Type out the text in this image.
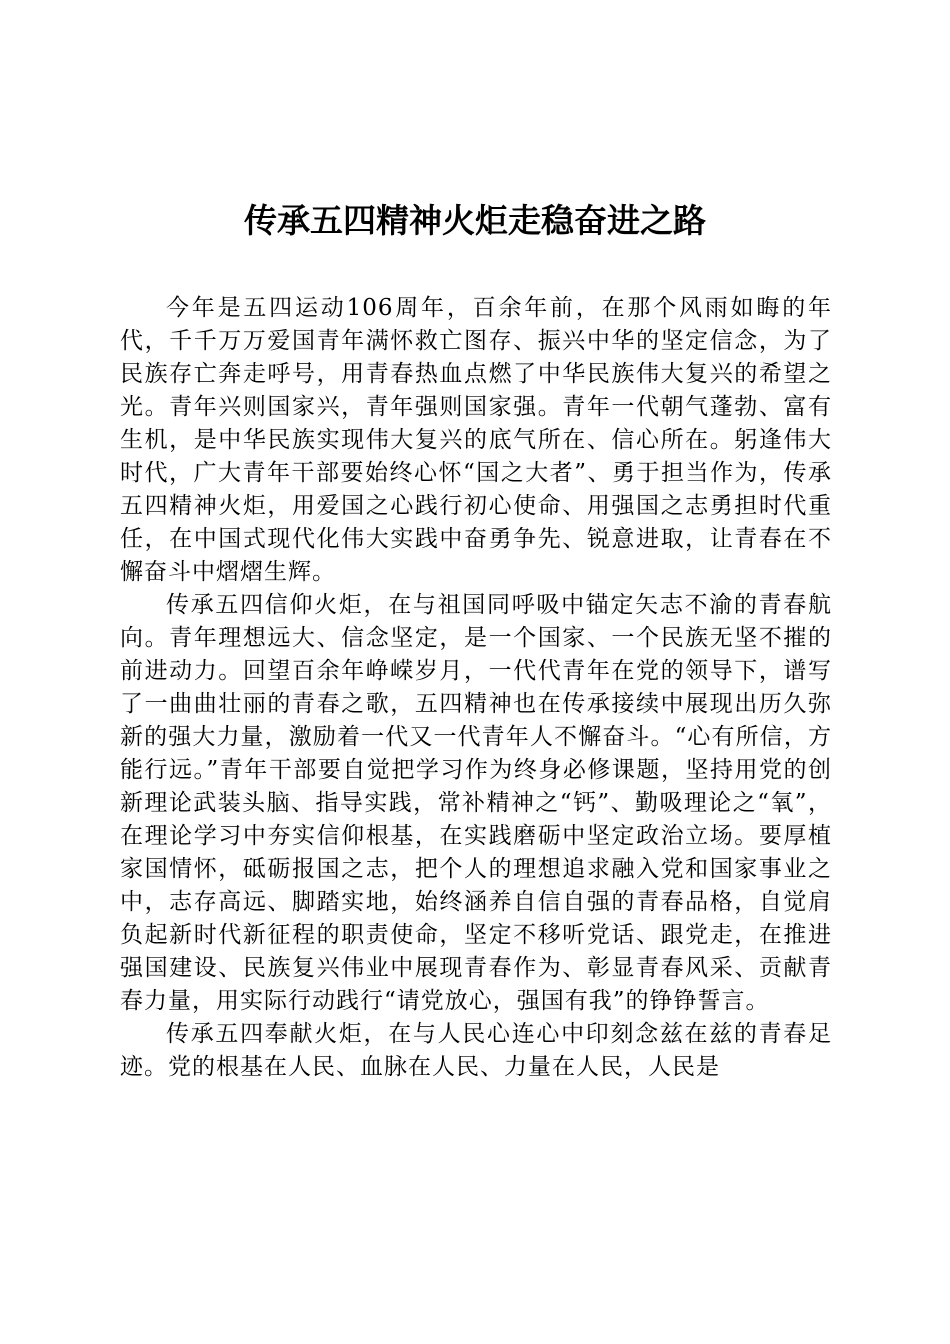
传承五四精神火炬走稳奋进之路

今年是五四运动106周年，百余年前，在那个风雨如晦的年代，千千万万爱国青年满怀救亡图存、振兴中华的坚定信念，为了民族存亡奔走呼号，用青春热血点燃了中华民族伟大复兴的希望之光。青年兴则国家兴，青年强则国家强。青年一代朝气蓬勃、富有生机，是中华民族实现伟大复兴的底气所在、信心所在。躬逢伟大时代，广大青年干部要始终心怀“国之大者”、勇于担当作为，传承五四精神火炬，用爱国之心践行初心使命、用强国之志勇担时代重任，在中国式现代化伟大实践中奋勇争先、锐意进取，让青春在不懈奋斗中熠熠生辉。

传承五四信仰火炬，在与祖国同呼吸中锚定矢志不渝的青春航向。青年理想远大、信念坚定，是一个国家、一个民族无坚不摧的前进动力。回望百余年峥嵘岁月，一代代青年在党的领导下，谱写了一曲曲壮丽的青春之歌，五四精神也在传承接续中展现出历久弥新的强大力量，激励着一代又一代青年人不懈奋斗。“心有所信，方能行远。”青年干部要自觉把学习作为终身必修课题，坚持用党的创新理论武装头脑、指导实践，常补精神之“钙”、勤吸理论之“氧”，在理论学习中夯实信仰根基，在实践磨砺中坚定政治立场。要厚植家国情怀，砥砺报国之志，把个人的理想追求融入党和国家事业之中，志存高远、脚踏实地，始终涵养自信自强的青春品格，自觉肩负起新时代新征程的职责使命，坚定不移听党话、跟党走，在推进强国建设、民族复兴伟业中展现青春作为、彰显青春风采、贡献青春力量，用实际行动践行“请党放心，强国有我”的铮铮誓言。

传承五四奉献火炬，在与人民心连心中印刻念兹在兹的青春足迹。党的根基在人民、血脉在人民、力量在人民，人民是
